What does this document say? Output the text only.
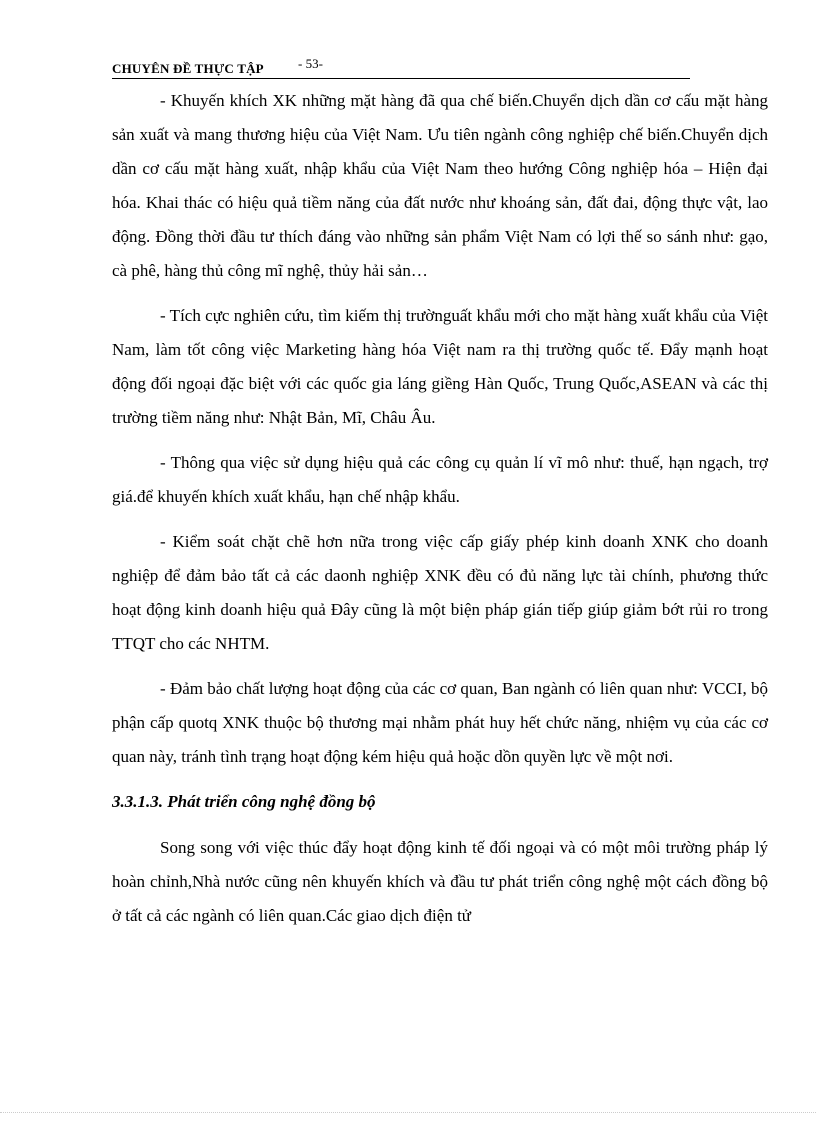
CHUYÊN ĐỀ THỰC TẬP	- 53-

- Khuyến khích XK những mặt hàng đã qua chế biến.Chuyển dịch dần cơ cấu mặt hàng sản xuất và mang thương hiệu của Việt Nam. Ưu tiên ngành công nghiệp chế biến.Chuyển dịch dần cơ cấu mặt hàng xuất, nhập khẩu của Việt Nam theo hướng Công nghiệp hóa – Hiện đại hóa. Khai thác có hiệu quả tiềm năng của đất nước như khoáng sản, đất đai, động thực vật, lao động. Đồng thời đầu tư thích đáng vào những sản phẩm Việt Nam có lợi thế so sánh như: gạo, cà phê, hàng thủ công mĩ nghệ, thủy hải sản…

- Tích cực nghiên cứu, tìm kiếm thị trườnguất khẩu mới cho mặt hàng xuất khẩu của Việt Nam, làm tốt công việc Marketing hàng hóa Việt nam ra thị trường quốc tế. Đẩy mạnh hoạt động đối ngoại đặc biệt với các quốc gia láng giềng Hàn Quốc, Trung Quốc,ASEAN và các thị trường tiềm năng như: Nhật Bản, Mĩ, Châu Âu.

- Thông qua việc sử dụng hiệu quả các công cụ quản lí vĩ mô như: thuế, hạn ngạch, trợ giá.để khuyến khích xuất khẩu, hạn chế nhập khẩu.

- Kiểm soát chặt chẽ hơn nữa trong việc cấp giấy phép kinh doanh XNK cho doanh nghiệp để đảm bảo tất cả các daonh nghiệp XNK đều có đủ năng lực tài chính, phương thức hoạt động kinh doanh hiệu quả Đây cũng là một biện pháp gián tiếp giúp giảm bớt rủi ro trong TTQT cho các NHTM.

- Đảm bảo chất lượng hoạt động của các cơ quan, Ban ngành có liên quan như: VCCI, bộ phận cấp quotq XNK thuộc bộ thương mại nhằm phát huy hết chức năng, nhiệm vụ của các cơ quan này, tránh tình trạng hoạt động kém hiệu quả hoặc dồn quyền lực về một nơi.

3.3.1.3. Phát triển công nghệ đồng bộ

Song song với việc thúc đẩy hoạt động kinh tế đối ngoại và có một môi trường pháp lý hoàn chỉnh,Nhà nước cũng nên khuyến khích và đầu tư phát triển công nghệ một cách đồng bộ ở tất cả các ngành có liên quan.Các giao dịch điện tử
